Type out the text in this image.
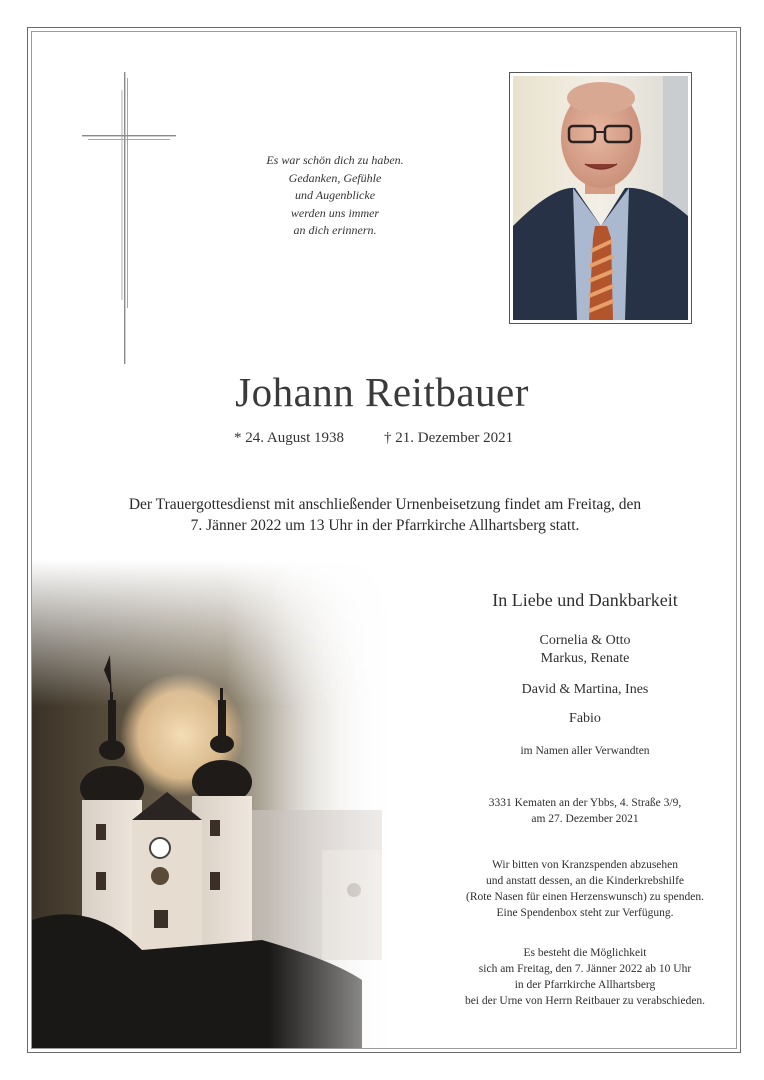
Es war schön dich zu haben.
Gedanken, Gefühle
und Augenblicke
werden uns immer
an dich erinnern.
Johann Reitbauer
* 24. August 1938	† 21. Dezember 2021
Der Trauergottesdienst mit anschließender Urnenbeisetzung findet am Freitag, den
7. Jänner 2022 um 13 Uhr in der Pfarrkirche Allhartsberg statt.
In Liebe und Dankbarkeit
Cornelia & Otto
Markus, Renate
David & Martina, Ines
Fabio
im Namen aller Verwandten
3331 Kematen an der Ybbs, 4. Straße 3/9,
am 27. Dezember 2021
Wir bitten von Kranzspenden abzusehen
und anstatt dessen, an die Kinderkrebshilfe
(Rote Nasen für einen Herzenswunsch) zu spenden.
Eine Spendenbox steht zur Verfügung.
Es besteht die Möglichkeit
sich am Freitag, den 7. Jänner 2022 ab 10 Uhr
in der Pfarrkirche Allhartsberg
bei der Urne von Herrn Reitbauer zu verabschieden.
